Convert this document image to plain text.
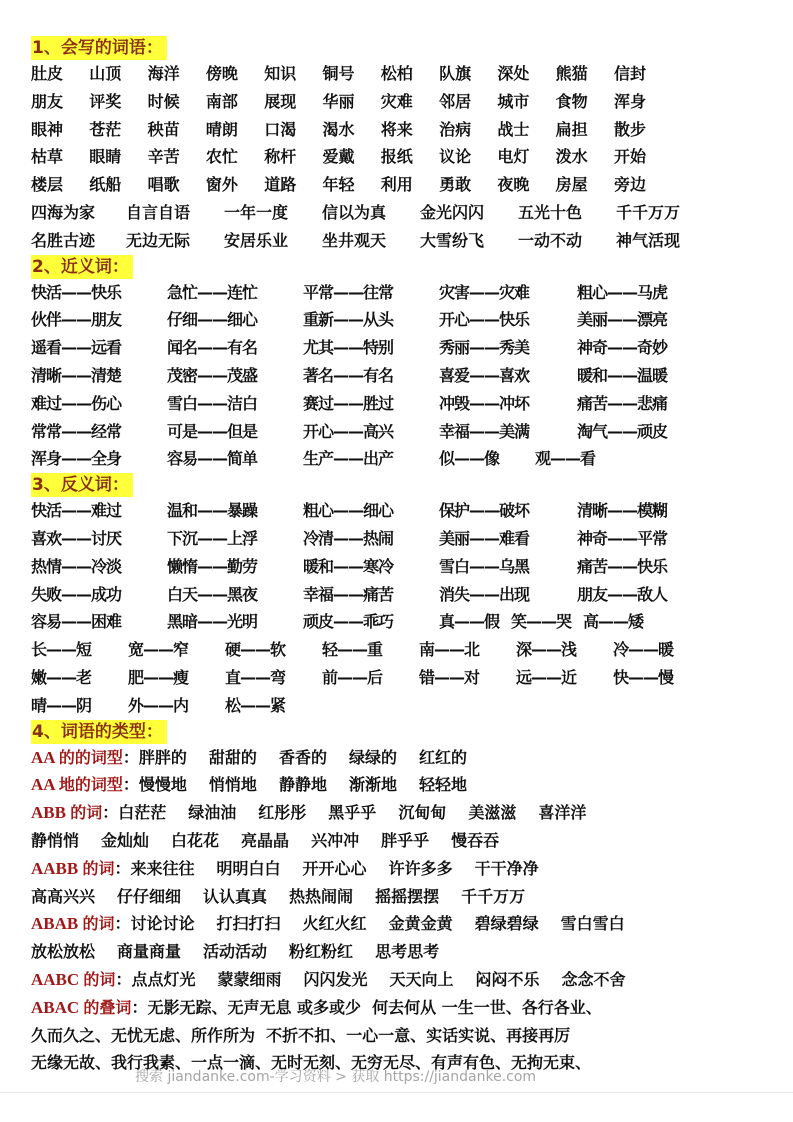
1、会写的词语：
肚皮	山顶	海洋	傍晚	知识	铜号	松柏	队旗	深处	熊猫	信封
朋友	评奖	时候	南部	展现	华丽	灾难	邻居	城市	食物	浑身
眼神	苍茫	秧苗	晴朗	口渴	渴水	将来	治病	战士	扁担	散步
枯草	眼睛	辛苦	农忙	称杆	爱戴	报纸	议论	电灯	泼水	开始
楼层	纸船	唱歌	窗外	道路	年轻	利用	勇敢	夜晚	房屋	旁边
四海为家	自言自语	一年一度	信以为真	金光闪闪	五光十色	千千万万
名胜古迹	无边无际	安居乐业	坐井观天	大雪纷飞	一动不动	神气活现
2、近义词：
快活——快乐	急忙——连忙	平常——往常	灾害——灾难	粗心——马虎
伙伴——朋友	仔细——细心	重新——从头	开心——快乐	美丽——漂亮
遥看——远看	闻名——有名	尤其——特别	秀丽——秀美	神奇——奇妙
清晰——清楚	茂密——茂盛	著名——有名	喜爱——喜欢	暖和——温暖
难过——伤心	雪白——洁白	赛过——胜过	冲毁——冲坏	痛苦——悲痛
常常——经常	可是——但是	开心——高兴	幸福——美满	淘气——顽皮
浑身——全身	容易——简单	生产——出产	似——像	观——看
3、反义词：
快活——难过	温和——暴躁	粗心——细心	保护——破坏	清晰——模糊
喜欢——讨厌	下沉——上浮	冷清——热闹	美丽——难看	神奇——平常
热情——冷淡	懒惰——勤劳	暖和——寒冷	雪白——乌黑	痛苦——快乐
失败——成功	白天——黑夜	幸福——痛苦	消失——出现	朋友——敌人
容易——困难	黑暗——光明	顽皮——乖巧	真——假 笑——哭 高——矮
长——短	宽——窄	硬——软	轻——重	南——北	深——浅	冷——暖
嫩——老	肥——瘦	直——弯	前——后	错——对	远——近	快——慢
晴——阴	外——内	松——紧
4、词语的类型：
AA 的的词型：胖胖的 甜甜的 香香的 绿绿的 红红的
AA 地的词型：慢慢地 悄悄地 静静地 渐渐地 轻轻地
ABB 的词：白茫茫 绿油油 红彤彤 黑乎乎 沉甸甸 美滋滋 喜洋洋
静悄悄 金灿灿 白花花 亮晶晶 兴冲冲 胖乎乎 慢吞吞
AABB 的词：来来往往 明明白白 开开心心 许许多多 干干净净
高高兴兴 仔仔细细 认认真真 热热闹闹 摇摇摆摆 千千万万
ABAB 的词：讨论讨论 打扫打扫 火红火红 金黄金黄 碧绿碧绿 雪白雪白
放松放松 商量商量 活动活动 粉红粉红 思考思考
AABC 的词：点点灯光 蒙蒙细雨 闪闪发光 天天向上 闷闷不乐 念念不舍
ABAC 的叠词：无影无踪、无声无息 或多或少  何去何从 一生一世、各行各业、
久而久之、无忧无虑、所作所为  不折不扣、一心一意、实话实说、再接再厉
无缘无故、我行我素、一点一滴、无时无刻、无穷无尽、有声有色、无拘无束、
搜索 jiandanke.com-学习资料 > 获取 https://jiandanke.com
